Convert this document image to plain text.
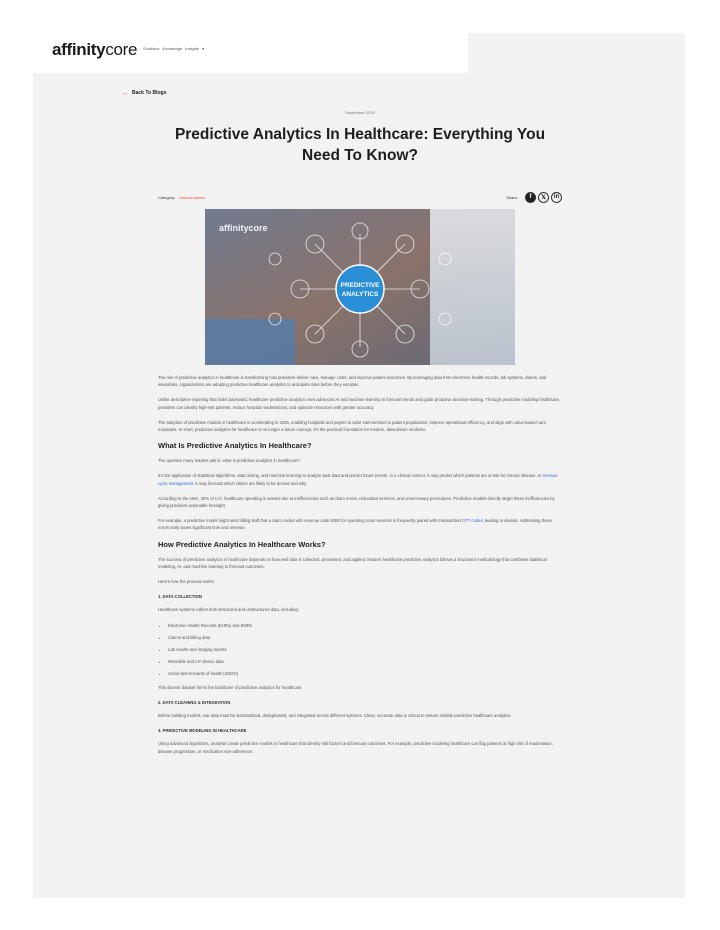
affinity core Solutions Knowledge Insights ▾
← Back To Blogs
September 2025
Predictive Analytics In Healthcare: Everything You Need To Know?
Category: Data Analytics	Share:	f	𝕏	in
PREDICTIVE
ANALYTICS
affinitycore

The rise of predictive analytics in healthcare is transforming how providers deliver care, manage costs, and improve patient outcomes. By leveraging data from electronic health records, lab systems, claims, and wearables, organizations are adopting predictive healthcare analytics to anticipate risks before they escalate.

Unlike descriptive reporting that looks backward, healthcare predictive analytics uses advanced AI and machine learning to forecast trends and guide proactive decision-making. Through predictive modeling healthcare, providers can identify high-risk patients, reduce hospital readmissions, and optimize resources with greater accuracy.

The adoption of predictive models in healthcare is accelerating in 2025, enabling hospitals and payers to tailor interventions to patient populations, improve operational efficiency, and align with value-based care mandates. In short, predictive analytics for healthcare is no longer a future concept, it's the practical foundation for modern, data-driven medicine.

What Is Predictive Analytics In Healthcare?

The question many leaders ask is: what is predictive analytics in healthcare?

It's the application of statistical algorithms, data mining, and machine learning to analyze past data and predict future events. In a clinical context, it may predict which patients are at risk for chronic disease. In revenue cycle management, it may forecast which claims are likely to be denied and why.

According to the AMA, 30% of U.S. healthcare spending is wasted due to inefficiencies such as claim errors, redundant services, and unnecessary procedures. Predictive models directly target these inefficiencies by giving providers actionable foresight.

For example, a predictive model might alert billing staff that a claim coded with revenue code 0360 for operating room services is frequently paired with mismatched CPT codes, leading to denials. Addressing these errors early saves significant time and revenue.

How Predictive Analytics In Healthcare Works?

The success of predictive analytics in healthcare depends on how well data is collected, processed, and applied. Modern healthcare predictive analytics follows a structured methodology that combines statistical modeling, AI, and machine learning to forecast outcomes.

Here's how the process works:

1. DATA COLLECTION

Healthcare systems collect both structured and unstructured data, including:

• Electronic Health Records (EHRs) and EMRs
• Claims and billing data
• Lab results and imaging reports
• Wearable and IoT device data
• Social determinants of health (SDOH)

This diverse dataset forms the backbone of predictive analytics for healthcare.

2. DATA CLEANING & INTEGRATION

Before building models, raw data must be standardized, deduplicated, and integrated across different systems. Clean, accurate data is critical to ensure reliable predictive healthcare analytics.

3. PREDICTIVE MODELING IN HEALTHCARE

Using advanced algorithms, analysts create predictive models in healthcare that identify risk factors and forecast outcomes. For example, predictive modeling healthcare can flag patients at high risk of readmission, disease progression, or medication non-adherence.
